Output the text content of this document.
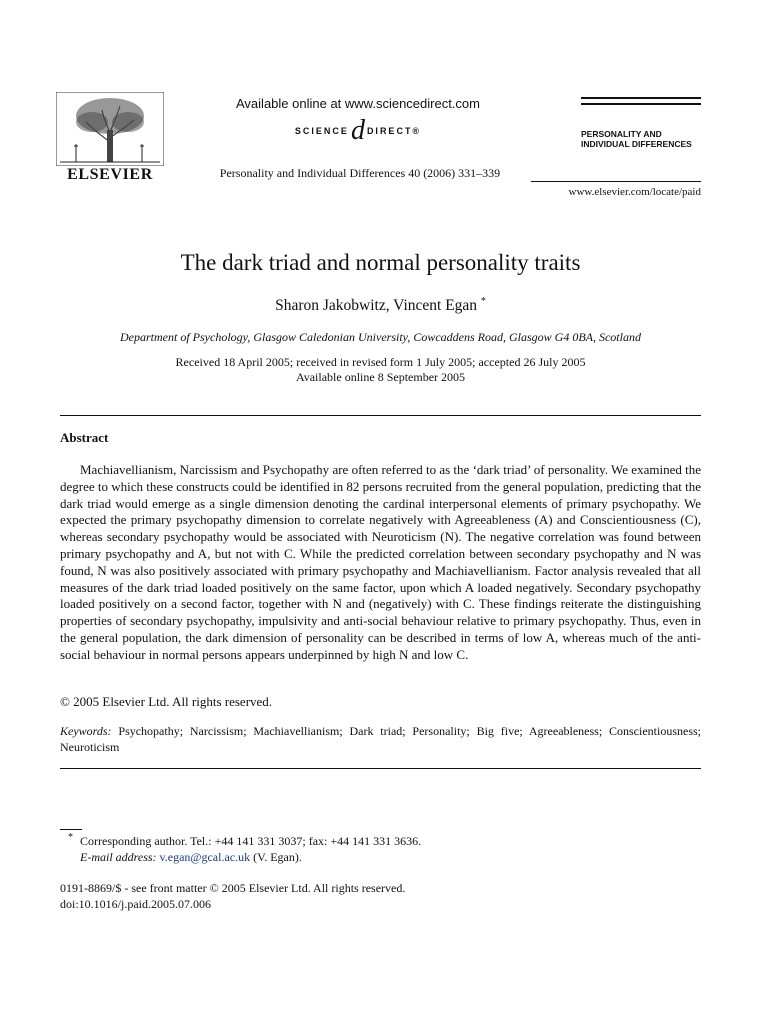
ELSEVIER
Available online at www.sciencedirect.com
SCIENCE d DIRECT®
Personality and Individual Differences 40 (2006) 331–339
PERSONALITY AND
INDIVIDUAL DIFFERENCES
www.elsevier.com/locate/paid
The dark triad and normal personality traits
Sharon Jakobwitz, Vincent Egan *
Department of Psychology, Glasgow Caledonian University, Cowcaddens Road, Glasgow G4 0BA, Scotland
Received 18 April 2005; received in revised form 1 July 2005; accepted 26 July 2005
Available online 8 September 2005
Abstract

Machiavellianism, Narcissism and Psychopathy are often referred to as the ‘dark triad’ of personality. We examined the degree to which these constructs could be identified in 82 persons recruited from the general population, predicting that the dark triad would emerge as a single dimension denoting the cardinal interpersonal elements of primary psychopathy. We expected the primary psychopathy dimension to correlate negatively with Agreeableness (A) and Conscientiousness (C), whereas secondary psychopathy would be associated with Neuroticism (N). The negative correlation was found between primary psychopathy and A, but not with C. While the predicted correlation between secondary psychopathy and N was found, N was also positively associated with primary psychopathy and Machiavellianism. Factor analysis revealed that all measures of the dark triad loaded positively on the same factor, upon which A loaded negatively. Secondary psychopathy loaded positively on a second factor, together with N and (negatively) with C. These findings reiterate the distinguishing properties of secondary psychopathy, impulsivity and anti-social behaviour relative to primary psychopathy. Thus, even in the general population, the dark dimension of personality can be described in terms of low A, whereas much of the anti-social behaviour in normal persons appears underpinned by high N and low C.

© 2005 Elsevier Ltd. All rights reserved.
Keywords: Psychopathy; Narcissism; Machiavellianism; Dark triad; Personality; Big five; Agreeableness; Conscientiousness; Neuroticism
* Corresponding author. Tel.: +44 141 331 3037; fax: +44 141 331 3636.
E-mail address: v.egan@gcal.ac.uk (V. Egan).
0191-8869/$ - see front matter © 2005 Elsevier Ltd. All rights reserved.
doi:10.1016/j.paid.2005.07.006
